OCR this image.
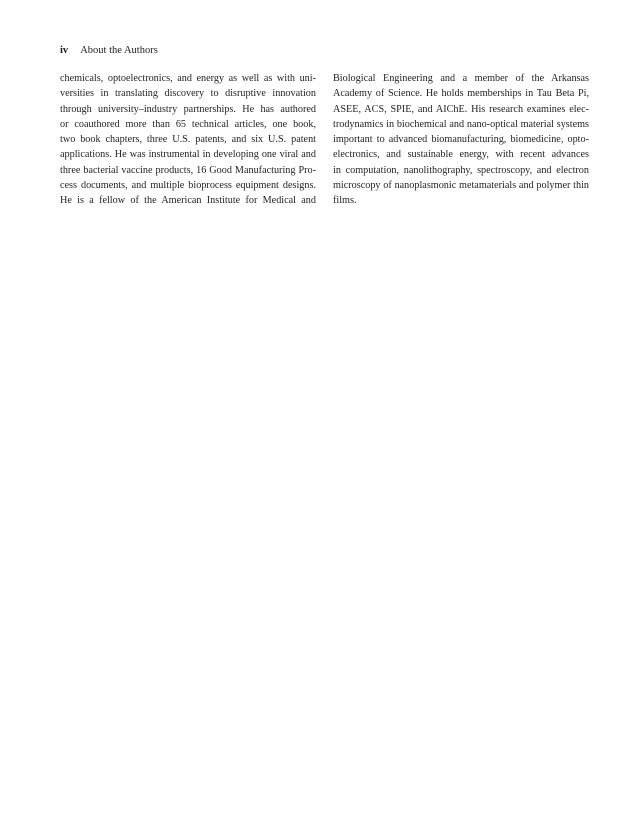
iv About the Authors
chemicals, optoelectronics, and energy as well as with uni-
versities in translating discovery to disruptive innovation
through university–industry partnerships. He has authored
or coauthored more than 65 technical articles, one book,
two book chapters, three U.S. patents, and six U.S. patent
applications. He was instrumental in developing one viral and
three bacterial vaccine products, 16 Good Manufacturing Pro-
cess documents, and multiple bioprocess equipment designs.
He is a fellow of the American Institute for Medical and
Biological Engineering and a member of the Arkansas
Academy of Science. He holds memberships in Tau Beta Pi,
ASEE, ACS, SPIE, and AIChE. His research examines elec-
trodynamics in biochemical and nano-optical material systems
important to advanced biomanufacturing, biomedicine, opto-
electronics, and sustainable energy, with recent advances
in computation, nanolithography, spectroscopy, and electron
microscopy of nanoplasmonic metamaterials and polymer thin
films.
